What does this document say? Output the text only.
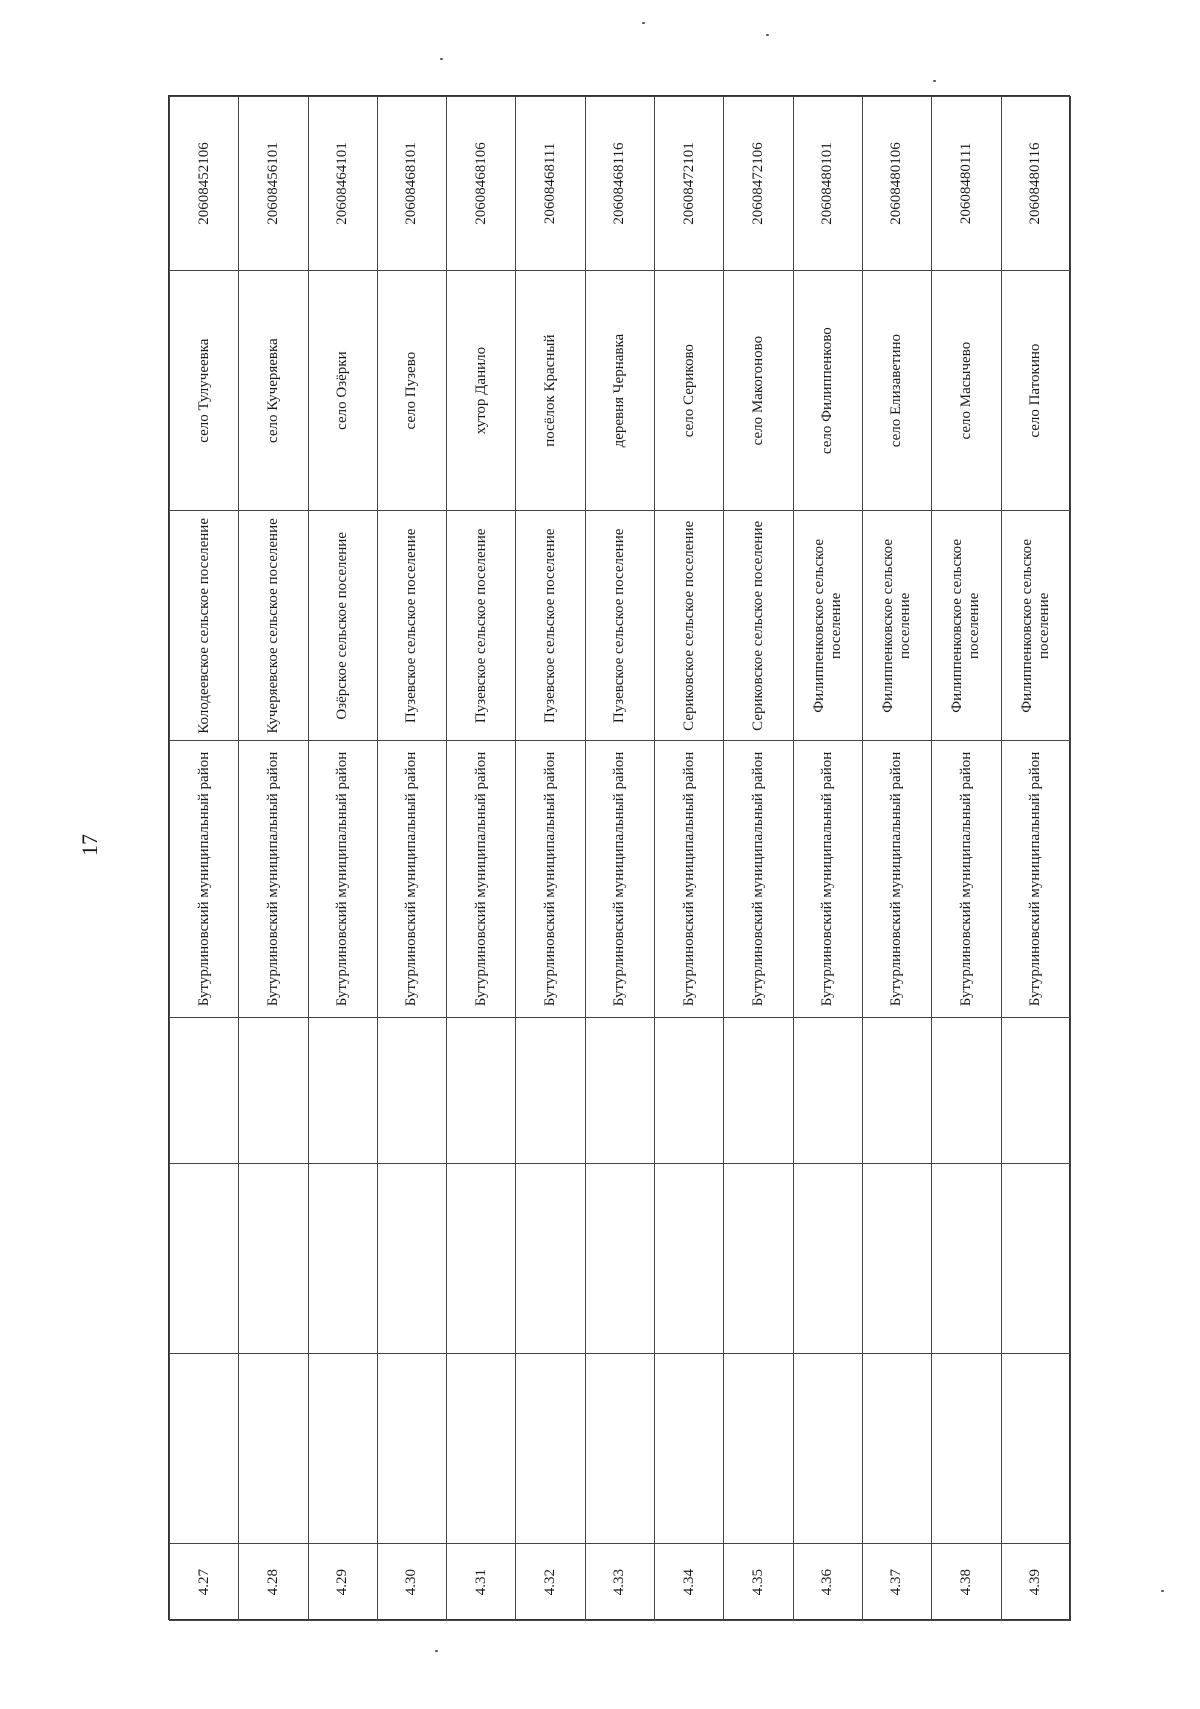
17
4.27				Бутурлиновский муниципальный район	Колодеевское сельское поселение	село Тулучеевка	20608452106
4.28				Бутурлиновский муниципальный район	Кучеряевское сельское поселение	село Кучеряевка	20608456101
4.29				Бутурлиновский муниципальный район	Озёрское сельское поселение	село Озёрки	20608464101
4.30				Бутурлиновский муниципальный район	Пузевское сельское поселение	село Пузево	20608468101
4.31				Бутурлиновский муниципальный район	Пузевское сельское поселение	хутор Данило	20608468106
4.32				Бутурлиновский муниципальный район	Пузевское сельское поселение	посёлок Красный	20608468111
4.33				Бутурлиновский муниципальный район	Пузевское сельское поселение	деревня Чернавка	20608468116
4.34				Бутурлиновский муниципальный район	Сериковское сельское поселение	село Сериково	20608472101
4.35				Бутурлиновский муниципальный район	Сериковское сельское поселение	село Макогоново	20608472106
4.36				Бутурлиновский муниципальный район	Филиппенковское сельское поселение	село Филиппенково	20608480101
4.37				Бутурлиновский муниципальный район	Филиппенковское сельское поселение	село Елизаветино	20608480106
4.38				Бутурлиновский муниципальный район	Филиппенковское сельское поселение	село Масычево	20608480111
4.39				Бутурлиновский муниципальный район	Филиппенковское сельское поселение	село Патокино	20608480116
